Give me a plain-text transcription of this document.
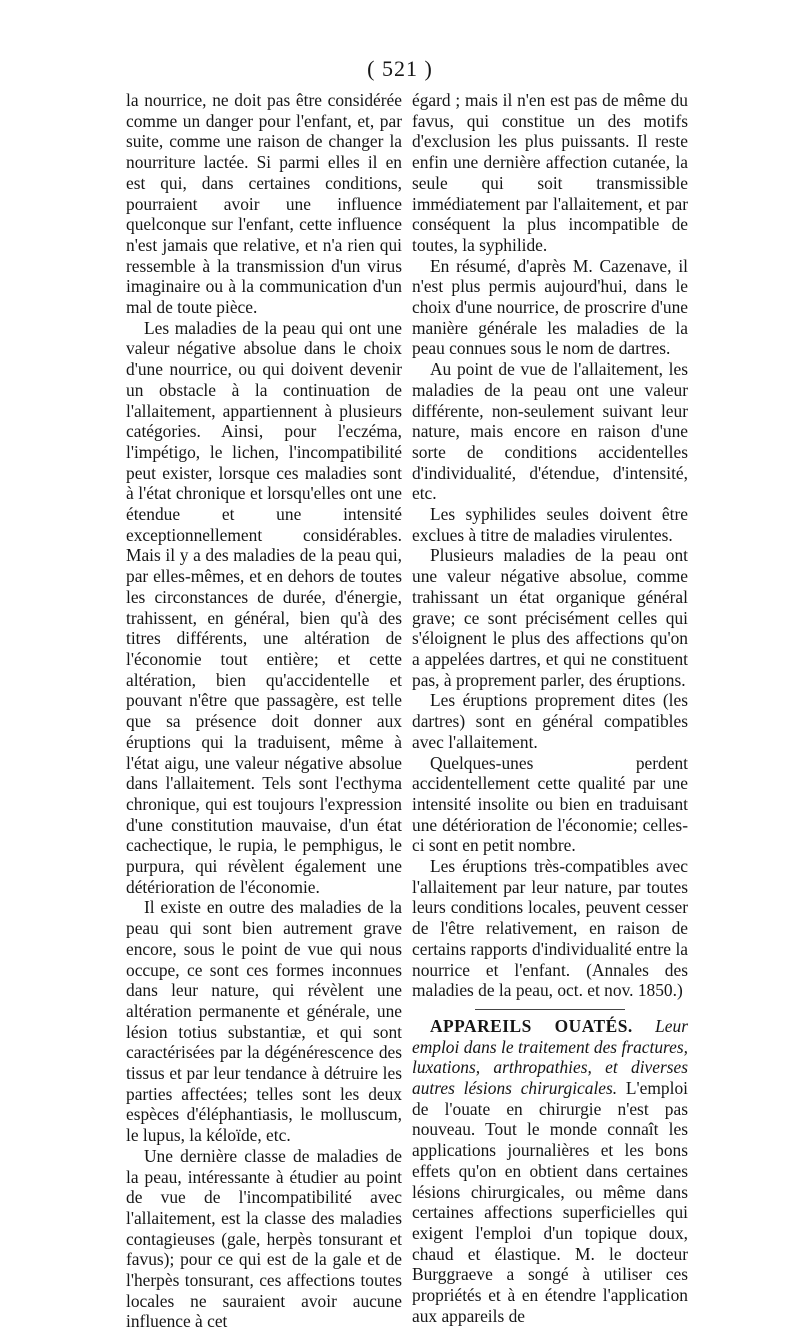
( 521 )

la nourrice, ne doit pas être considérée comme un danger pour l'enfant, et, par suite, comme une raison de changer la nourriture lactée. Si parmi elles il en est qui, dans certaines conditions, pourraient avoir une influence quelconque sur l'enfant, cette influence n'est jamais que relative, et n'a rien qui ressemble à la transmission d'un virus imaginaire ou à la communication d'un mal de toute pièce.

Les maladies de la peau qui ont une valeur négative absolue dans le choix d'une nourrice, ou qui doivent devenir un obstacle à la continuation de l'allaitement, appartiennent à plusieurs catégories. Ainsi, pour l'eczéma, l'impétigo, le lichen, l'incompatibilité peut exister, lorsque ces maladies sont à l'état chronique et lorsqu'elles ont une étendue et une intensité exceptionnellement considérables. Mais il y a des maladies de la peau qui, par elles-mêmes, et en dehors de toutes les circonstances de durée, d'énergie, trahissent, en général, bien qu'à des titres différents, une altération de l'économie tout entière; et cette altération, bien qu'accidentelle et pouvant n'être que passagère, est telle que sa présence doit donner aux éruptions qui la traduisent, même à l'état aigu, une valeur négative absolue dans l'allaitement. Tels sont l'ecthyma chronique, qui est toujours l'expression d'une constitution mauvaise, d'un état cachectique, le rupia, le pemphigus, le purpura, qui révèlent également une détérioration de l'économie.

Il existe en outre des maladies de la peau qui sont bien autrement grave encore, sous le point de vue qui nous occupe, ce sont ces formes inconnues dans leur nature, qui révèlent une altération permanente et générale, une lésion totius substantiæ, et qui sont caractérisées par la dégénérescence des tissus et par leur tendance à détruire les parties affectées; telles sont les deux espèces d'éléphantiasis, le molluscum, le lupus, la kéloïde, etc.

Une dernière classe de maladies de la peau, intéressante à étudier au point de vue de l'incompatibilité avec l'allaitement, est la classe des maladies contagieuses (gale, herpès tonsurant et favus); pour ce qui est de la gale et de l'herpès tonsurant, ces affections toutes locales ne sauraient avoir aucune influence à cet

égard ; mais il n'en est pas de même du favus, qui constitue un des motifs d'exclusion les plus puissants. Il reste enfin une dernière affection cutanée, la seule qui soit transmissible immédiatement par l'allaitement, et par conséquent la plus incompatible de toutes, la syphilide.

En résumé, d'après M. Cazenave, il n'est plus permis aujourd'hui, dans le choix d'une nourrice, de proscrire d'une manière générale les maladies de la peau connues sous le nom de dartres.

Au point de vue de l'allaitement, les maladies de la peau ont une valeur différente, non-seulement suivant leur nature, mais encore en raison d'une sorte de conditions accidentelles d'individualité, d'étendue, d'intensité, etc.

Les syphilides seules doivent être exclues à titre de maladies virulentes.

Plusieurs maladies de la peau ont une valeur négative absolue, comme trahissant un état organique général grave; ce sont précisément celles qui s'éloignent le plus des affections qu'on a appelées dartres, et qui ne constituent pas, à proprement parler, des éruptions.

Les éruptions proprement dites (les dartres) sont en général compatibles avec l'allaitement.

Quelques-unes perdent accidentellement cette qualité par une intensité insolite ou bien en traduisant une détérioration de l'économie; celles-ci sont en petit nombre.

Les éruptions très-compatibles avec l'allaitement par leur nature, par toutes leurs conditions locales, peuvent cesser de l'être relativement, en raison de certains rapports d'individualité entre la nourrice et l'enfant. (Annales des maladies de la peau, oct. et nov. 1850.)

APPAREILS OUATÉS. Leur emploi dans le traitement des fractures, luxations, arthropathies, et diverses autres lésions chirurgicales. L'emploi de l'ouate en chirurgie n'est pas nouveau. Tout le monde connaît les applications journalières et les bons effets qu'on en obtient dans certaines lésions chirurgicales, ou même dans certaines affections superficielles qui exigent l'emploi d'un topique doux, chaud et élastique. M. le docteur Burggraeve a songé à utiliser ces propriétés et à en étendre l'application aux appareils de
